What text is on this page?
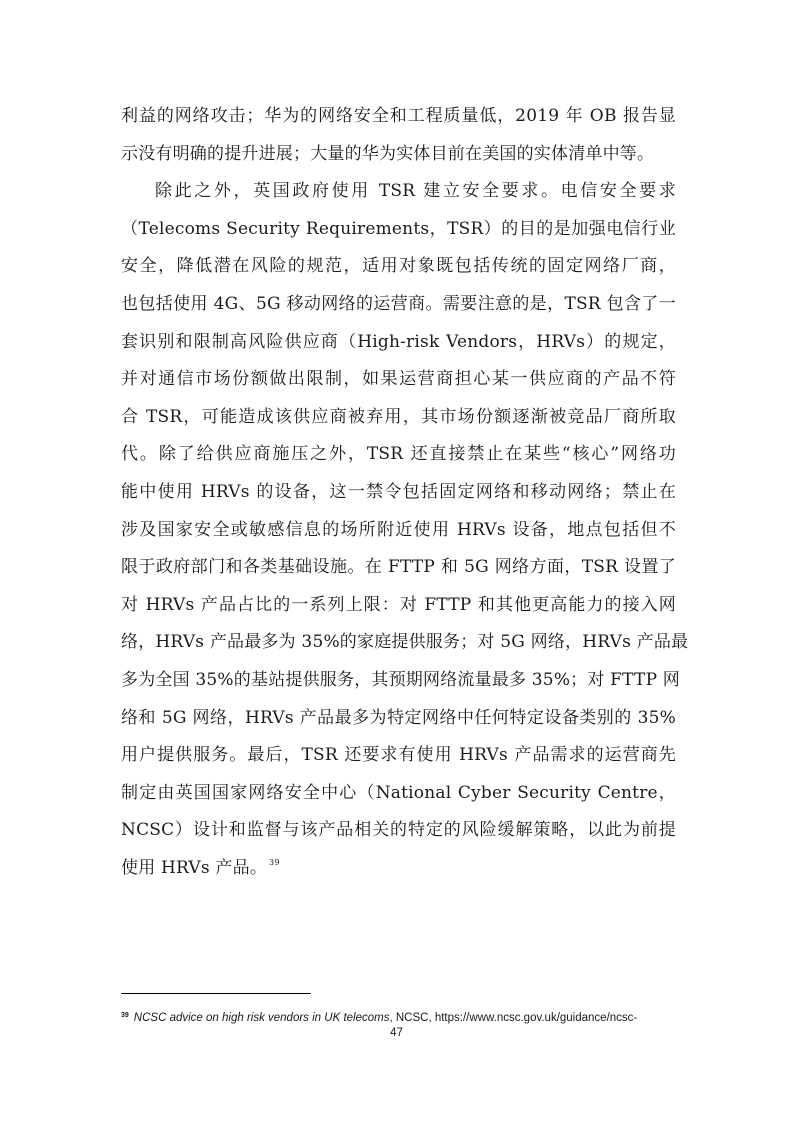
利益的网络攻击；华为的网络安全和工程质量低，2019 年 OB 报告显
示没有明确的提升进展；大量的华为实体目前在美国的实体清单中等。
除此之外，英国政府使用 TSR 建立安全要求。电信安全要求
（Telecoms Security Requirements，TSR）的目的是加强电信行业
安全，降低潜在风险的规范，适用对象既包括传统的固定网络厂商，
也包括使用 4G、5G 移动网络的运营商。需要注意的是，TSR 包含了一
套识别和限制高风险供应商（High-risk Vendors，HRVs）的规定，
并对通信市场份额做出限制，如果运营商担心某一供应商的产品不符
合 TSR，可能造成该供应商被弃用，其市场份额逐渐被竞品厂商所取
代。除了给供应商施压之外，TSR 还直接禁止在某些“核心”网络功
能中使用 HRVs 的设备，这一禁令包括固定网络和移动网络；禁止在
涉及国家安全或敏感信息的场所附近使用 HRVs 设备，地点包括但不
限于政府部门和各类基础设施。在 FTTP 和 5G 网络方面，TSR 设置了
对 HRVs 产品占比的一系列上限：对 FTTP 和其他更高能力的接入网
络，HRVs 产品最多为 35%的家庭提供服务；对 5G 网络，HRVs 产品最
多为全国 35%的基站提供服务，其预期网络流量最多 35%；对 FTTP 网
络和 5G 网络，HRVs 产品最多为特定网络中任何特定设备类别的 35%
用户提供服务。最后，TSR 还要求有使用 HRVs 产品需求的运营商先
制定由英国国家网络安全中心（National Cyber Security Centre，
NCSC）设计和监督与该产品相关的特定的风险缓解策略，以此为前提
使用 HRVs 产品。 $^{39}$
$^{39}$ NCSC advice on high risk vendors in UK telecoms, NCSC, https://www.ncsc.gov.uk/guidance/ncsc-
47
